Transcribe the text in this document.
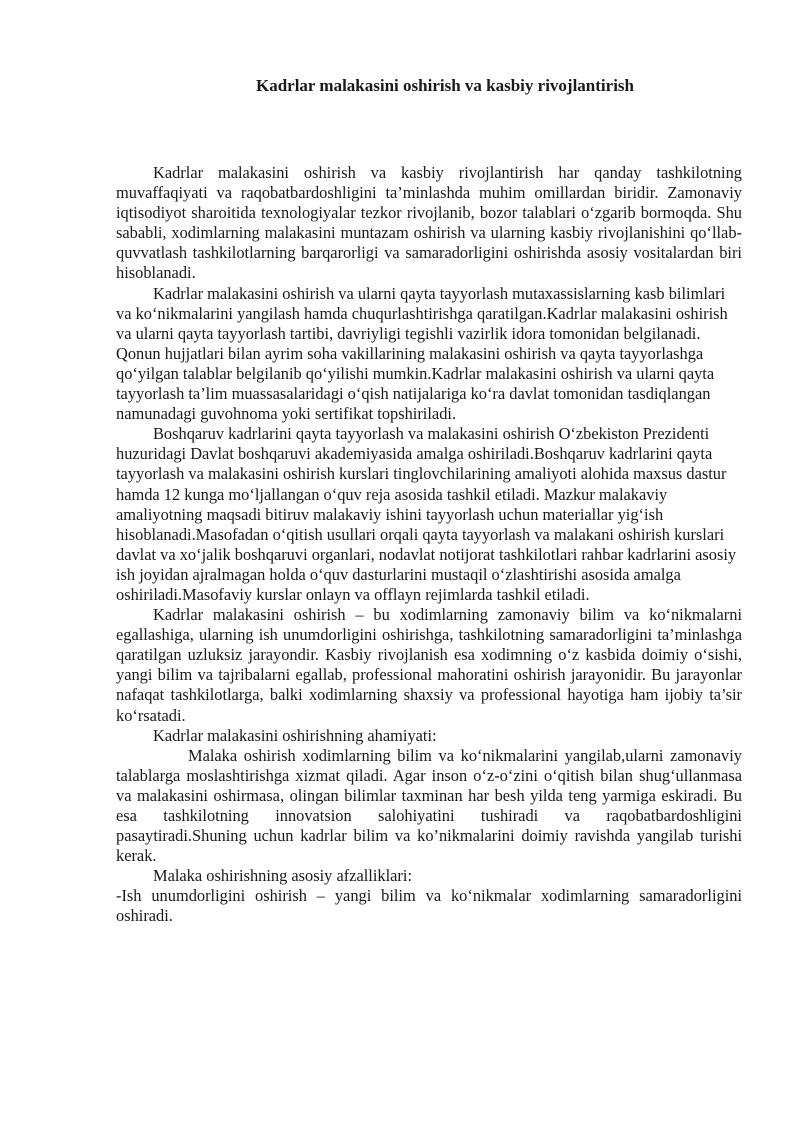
Kadrlar malakasini oshirish va kasbiy rivojlantirish

Kadrlar malakasini oshirish va kasbiy rivojlantirish har qanday tashkilotning muvaffaqiyati va raqobatbardoshligini ta’minlashda muhim omillardan biridir. Zamonaviy iqtisodiyot sharoitida texnologiyalar tezkor rivojlanib, bozor talablari o‘zgarib bormoqda. Shu sababli, xodimlarning malakasini muntazam oshirish va ularning kasbiy rivojlanishini qo‘llab-quvvatlash tashkilotlarning barqarorligi va samaradorligini oshirishda asosiy vositalardan biri hisoblanadi.

Kadrlar malakasini oshirish va ularni qayta tayyorlash mutaxassislarning kasb bilimlari va ko‘nikmalarini yangilash hamda chuqurlashtirishga qaratilgan.Kadrlar malakasini oshirish va ularni qayta tayyorlash tartibi, davriyligi tegishli vazirlik idora tomonidan belgilanadi. Qonun hujjatlari bilan ayrim soha vakillarining malakasini oshirish va qayta tayyorlashga qo‘yilgan talablar belgilanib qo‘yilishi mumkin.Kadrlar malakasini oshirish va ularni qayta tayyorlash ta’lim muassasalaridagi o‘qish natijalariga ko‘ra davlat tomonidan tasdiqlangan namunadagi guvohnoma yoki sertifikat topshiriladi.

Boshqaruv kadrlarini qayta tayyorlash va malakasini oshirish O‘zbekiston Prezidenti huzuridagi Davlat boshqaruvi akademiyasida amalga oshiriladi.Boshqaruv kadrlarini qayta tayyorlash va malakasini oshirish kurslari tinglovchilarining amaliyoti alohida maxsus dastur hamda 12 kunga mo‘ljallangan o‘quv reja asosida tashkil etiladi. Mazkur malakaviy amaliyotning maqsadi bitiruv malakaviy ishini tayyorlash uchun materiallar yig‘ish hisoblanadi.Masofadan o‘qitish usullari orqali qayta tayyorlash va malakani oshirish kurslari davlat va xo‘jalik boshqaruvi organlari, nodavlat notijorat tashkilotlari rahbar kadrlarini asosiy ish joyidan ajralmagan holda o‘quv dasturlarini mustaqil o‘zlashtirishi asosida amalga oshiriladi.Masofaviy kurslar onlayn va offlayn rejimlarda tashkil etiladi.

Kadrlar malakasini oshirish – bu xodimlarning zamonaviy bilim va ko‘nikmalarni egallashiga, ularning ish unumdorligini oshirishga, tashkilotning samaradorligini ta’minlashga qaratilgan uzluksiz jarayondir. Kasbiy rivojlanish esa xodimning o‘z kasbida doimiy o‘sishi, yangi bilim va tajribalarni egallab, professional mahoratini oshirish jarayonidir. Bu jarayonlar nafaqat tashkilotlarga, balki xodimlarning shaxsiy va professional hayotiga ham ijobiy ta’sir ko‘rsatadi.

Kadrlar malakasini oshirishning ahamiyati:

Malaka oshirish xodimlarning bilim va ko‘nikmalarini yangilab,ularni zamonaviy talablarga moslashtirishga xizmat qiladi. Agar inson o‘z-o‘zini o‘qitish bilan shug‘ullanmasa va malakasini oshirmasa, olingan bilimlar taxminan har besh yilda teng yarmiga eskiradi. Bu esa tashkilotning innovatsion salohiyatini tushiradi va raqobatbardoshligini pasaytiradi.Shuning uchun kadrlar bilim va ko’nikmalarini doimiy ravishda yangilab turishi kerak.

Malaka oshirishning asosiy afzalliklari:

-Ish unumdorligini oshirish – yangi bilim va ko‘nikmalar xodimlarning samaradorligini oshiradi.
